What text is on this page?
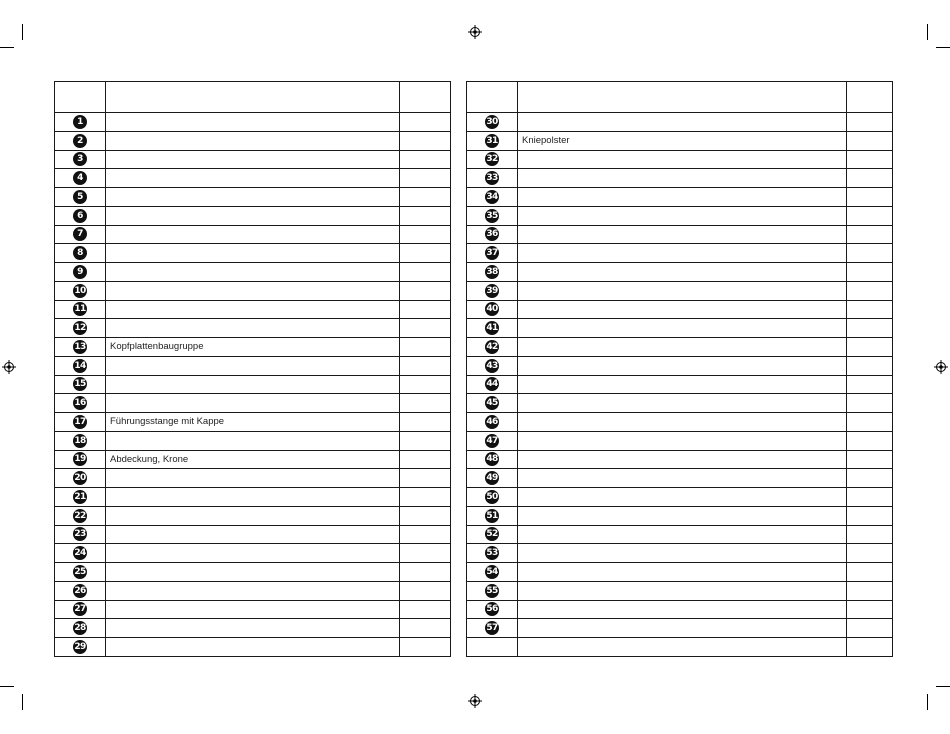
1		
2		
3		
4		
5		
6		
7		
8		
9		
10		
11		
12		
13	Kopfplattenbaugruppe	
14		
15		
16		
17	Führungsstange mit Kappe	
18		
19	Abdeckung, Krone	
20		
21		
22		
23		
24		
25		
26		
27		
28		
29		

30		
31	Kniepolster	
32		
33		
34		
35		
36		
37		
38		
39		
40		
41		
42		
43		
44		
45		
46		
47		
48		
49		
50		
51		
52		
53		
54		
55		
56		
57		
